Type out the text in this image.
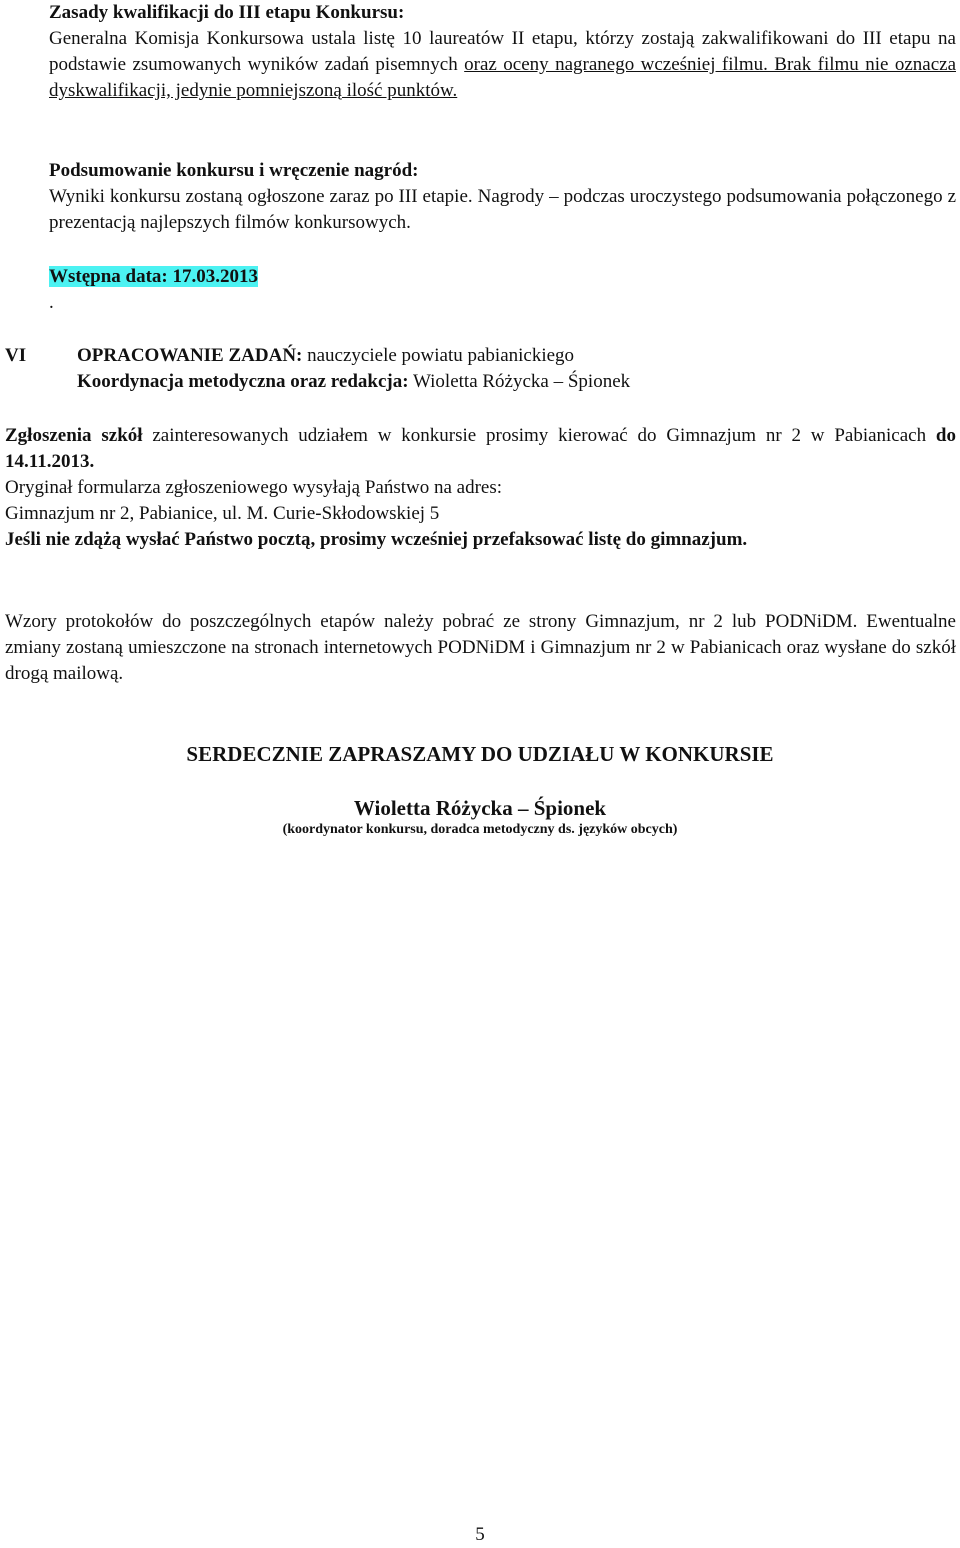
Zasady kwalifikacji do III etapu Konkursu:
Generalna Komisja Konkursowa ustala listę 10 laureatów II etapu, którzy zostają zakwalifikowani do III etapu na podstawie zsumowanych wyników zadań pisemnych oraz oceny nagranego wcześniej filmu. Brak filmu nie oznacza dyskwalifikacji, jedynie pomniejszoną ilość punktów.
Podsumowanie konkursu i wręczenie nagród:
Wyniki konkursu zostaną ogłoszone zaraz po III etapie. Nagrody – podczas uroczystego podsumowania połączonego z prezentacją najlepszych filmów konkursowych.
Wstępna data: 17.03.2013
.
VI	OPRACOWANIE ZADAŃ: nauczyciele powiatu pabianickiego
Koordynacja metodyczna oraz redakcja: Wioletta Różycka – Śpionek
Zgłoszenia szkół zainteresowanych udziałem w konkursie prosimy kierować do Gimnazjum nr 2 w Pabianicach do 14.11.2013.
Oryginał formularza zgłoszeniowego wysyłają Państwo na adres:

Gimnazjum nr 2, Pabianice, ul. M. Curie-Skłodowskiej 5
Jeśli nie zdążą wysłać Państwo pocztą, prosimy wcześniej przefaksować listę do gimnazjum.
Wzory protokołów do poszczególnych etapów należy pobrać ze strony Gimnazjum, nr 2 lub PODNiDM. Ewentualne zmiany zostaną umieszczone na stronach internetowych PODNiDM i Gimnazjum nr 2 w Pabianicach oraz wysłane do szkół drogą mailową.
SERDECZNIE ZAPRASZAMY DO UDZIAŁU W KONKURSIE
Wioletta Różycka – Śpionek
(koordynator konkursu, doradca metodyczny ds. języków obcych)
5
